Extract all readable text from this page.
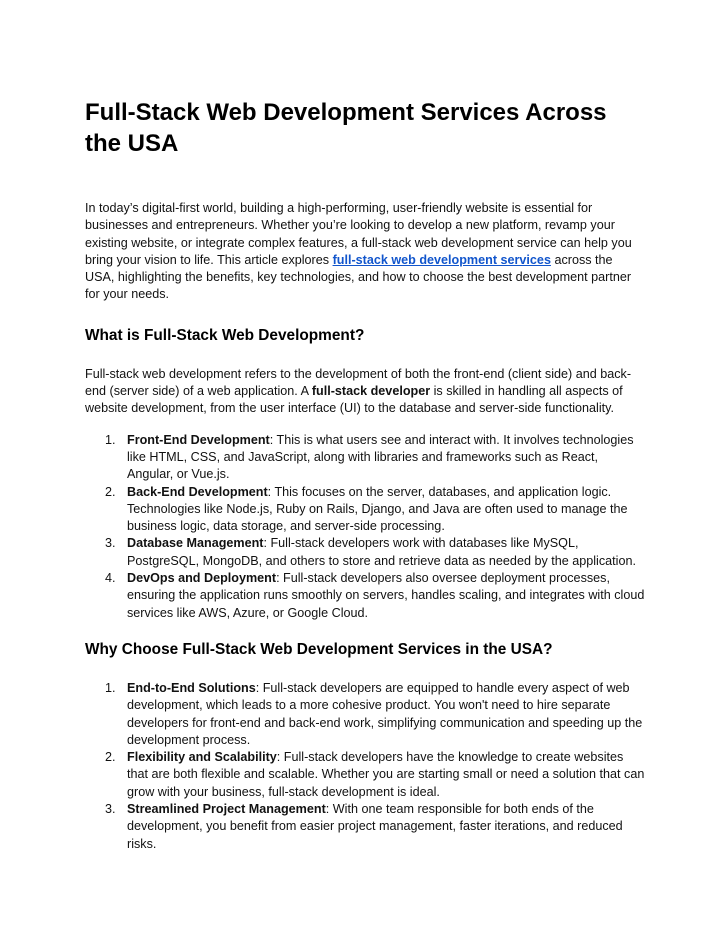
Full-Stack Web Development Services Across the USA

In today’s digital-first world, building a high-performing, user-friendly website is essential for businesses and entrepreneurs. Whether you’re looking to develop a new platform, revamp your existing website, or integrate complex features, a full-stack web development service can help you bring your vision to life. This article explores full-stack web development services across the USA, highlighting the benefits, key technologies, and how to choose the best development partner for your needs.

What is Full-Stack Web Development?

Full-stack web development refers to the development of both the front-end (client side) and back-end (server side) of a web application. A full-stack developer is skilled in handling all aspects of website development, from the user interface (UI) to the database and server-side functionality.

1. Front-End Development: This is what users see and interact with. It involves technologies like HTML, CSS, and JavaScript, along with libraries and frameworks such as React, Angular, or Vue.js.
2. Back-End Development: This focuses on the server, databases, and application logic. Technologies like Node.js, Ruby on Rails, Django, and Java are often used to manage the business logic, data storage, and server-side processing.
3. Database Management: Full-stack developers work with databases like MySQL, PostgreSQL, MongoDB, and others to store and retrieve data as needed by the application.
4. DevOps and Deployment: Full-stack developers also oversee deployment processes, ensuring the application runs smoothly on servers, handles scaling, and integrates with cloud services like AWS, Azure, or Google Cloud.
Why Choose Full-Stack Web Development Services in the USA?
1. End-to-End Solutions: Full-stack developers are equipped to handle every aspect of web development, which leads to a more cohesive product. You won't need to hire separate developers for front-end and back-end work, simplifying communication and speeding up the development process.
2. Flexibility and Scalability: Full-stack developers have the knowledge to create websites that are both flexible and scalable. Whether you are starting small or need a solution that can grow with your business, full-stack development is ideal.
3. Streamlined Project Management: With one team responsible for both ends of the development, you benefit from easier project management, faster iterations, and reduced risks.
